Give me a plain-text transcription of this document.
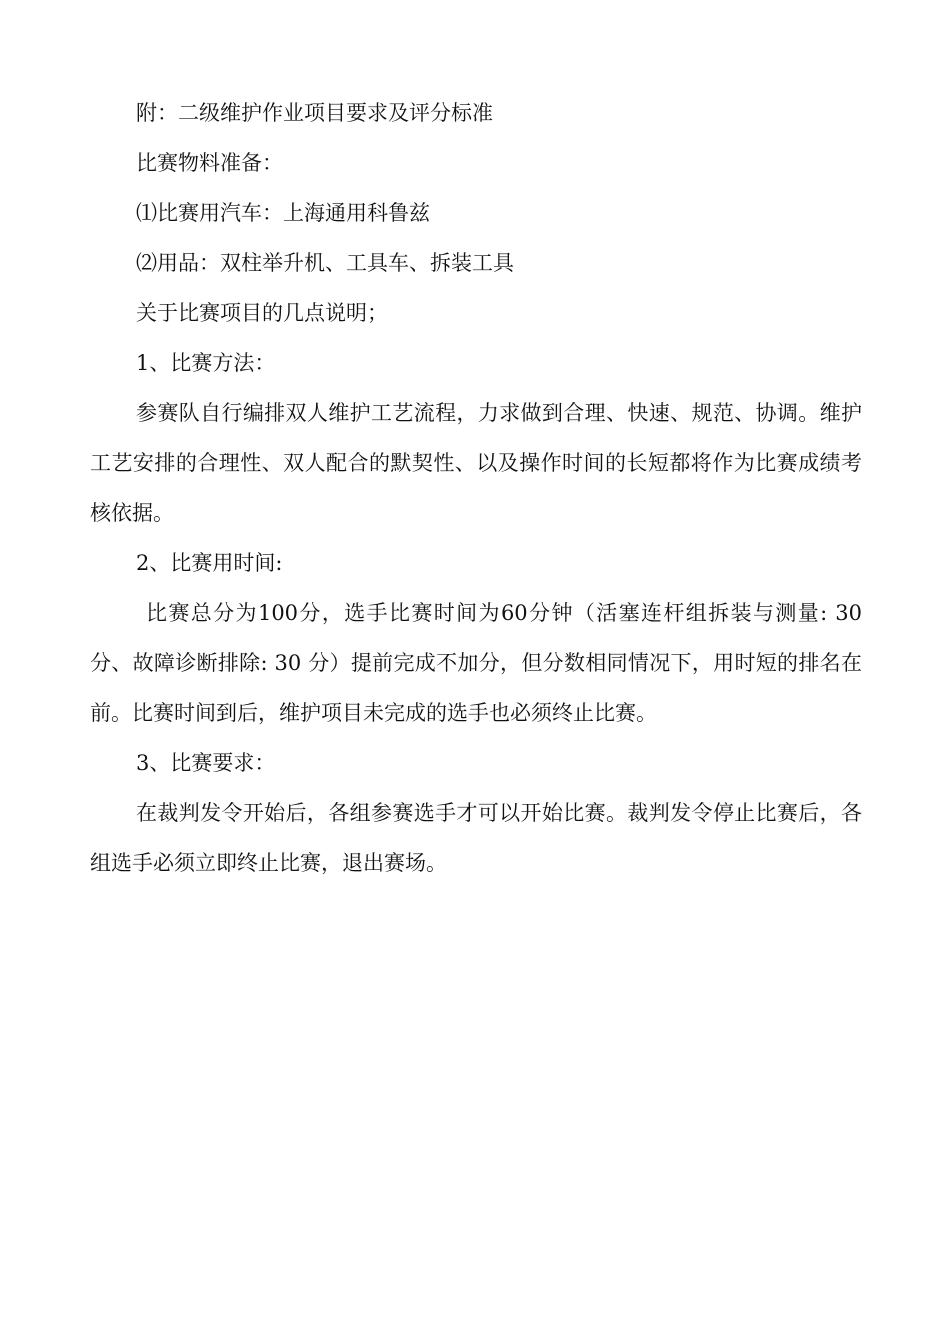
附：二级维护作业项目要求及评分标准

比赛物料准备：

⑴比赛用汽车：上海通用科鲁兹

⑵用品：双柱举升机、工具车、拆装工具

关于比赛项目的几点说明；

1、比赛方法：

参赛队自行编排双人维护工艺流程，力求做到合理、快速、规范、协调。维护工艺安排的合理性、双人配合的默契性、以及操作时间的长短都将作为比赛成绩考核依据。

2、比赛用时间:

比赛总分为100分，选手比赛时间为60分钟（活塞连杆组拆装与测量: 30分、故障诊断排除: 30 分）提前完成不加分，但分数相同情况下，用时短的排名在前。比赛时间到后，维护项目未完成的选手也必须终止比赛。

3、比赛要求：

在裁判发令开始后，各组参赛选手才可以开始比赛。裁判发令停止比赛后，各组选手必须立即终止比赛，退出赛场。
